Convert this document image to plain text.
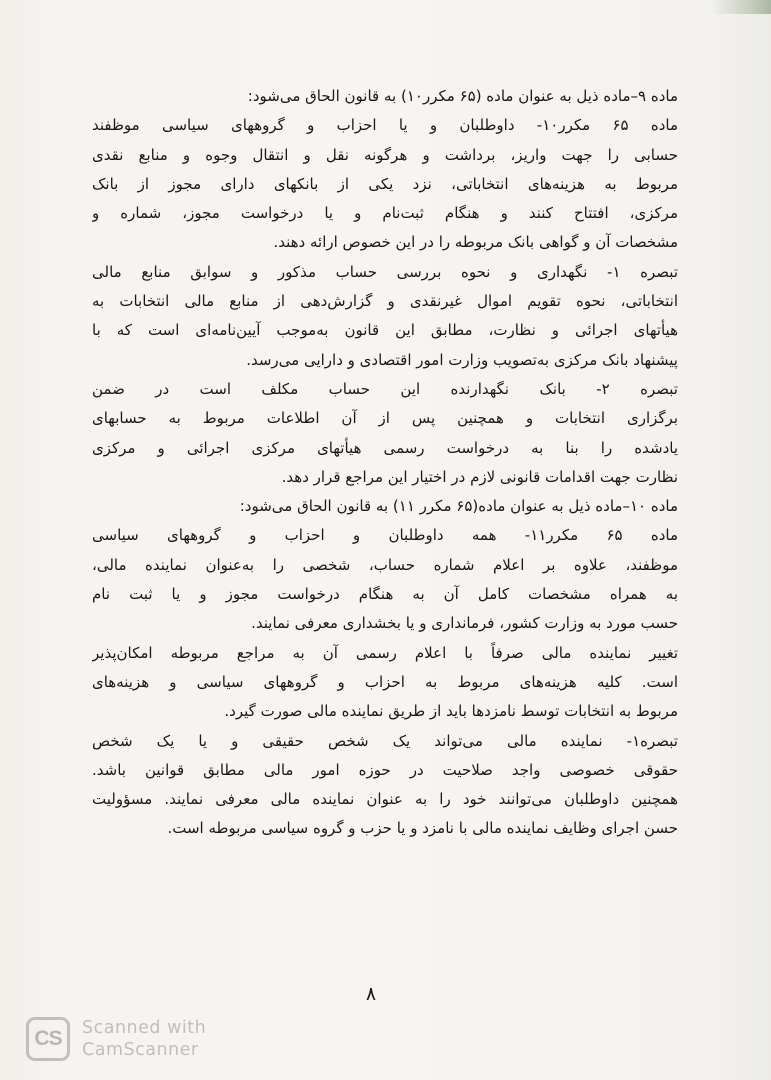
ماده ۹–ماده ذیل به عنوان ماده (۶۵ مکرر۱۰) به قانون الحاق می‌شود:
ماده ۶۵ مکرر۱۰- داوطلبان و یا احزاب و گروههای سیاسی موظفند
حسابی را جهت واریز، برداشت و هرگونه نقل و انتقال وجوه و منابع نقدی
مربوط به هزینه‌های انتخاباتی، نزد یکی از بانکهای دارای مجوز از بانک
مرکزی، افتتاح کنند و هنگام ثبت‌نام و یا درخواست مجوز، شماره و
مشخصات آن و گواهی بانک مربوطه را در این خصوص ارائه دهند.
تبصره ۱- نگهداری و نحوه بررسی حساب مذکور و سوابق منابع مالی
انتخاباتی، نحوه تقویم اموال غیرنقدی و گزارش‌دهی از منابع مالی انتخابات به
هیأتهای اجرائی و نظارت، مطابق این قانون به‌موجب آیین‌نامه‌ای است که با
پیشنهاد بانک مرکزی به‌تصویب وزارت امور اقتصادی و دارایی می‌رسد.
تبصره ۲- بانک نگهدارنده این حساب مکلف است در ضمن
برگزاری انتخابات و همچنین پس از آن اطلاعات مربوط به حسابهای
یادشده را بنا به درخواست رسمی هیأتهای مرکزی اجرائی و مرکزی
نظارت جهت اقدامات قانونی لازم در اختیار این مراجع قرار دهد.
ماده ۱۰–ماده ذیل به عنوان ماده(۶۵ مکرر ۱۱) به قانون الحاق می‌شود:
ماده ۶۵ مکرر۱۱- همه داوطلبان و احزاب و گروههای سیاسی
موظفند، علاوه بر اعلام شماره حساب، شخصی را به‌عنوان نماینده مالی،
به همراه مشخصات کامل آن به هنگام درخواست مجوز و یا ثبت نام
حسب مورد به وزارت کشور، فرمانداری و یا بخشداری معرفی نمایند.
تغییر نماینده مالی صرفاً با اعلام رسمی آن به مراجع مربوطه امکان‌پذیر
است. کلیه هزینه‌های مربوط به احزاب و گروههای سیاسی و هزینه‌های
مربوط به انتخابات توسط نامزدها باید از طریق نماینده مالی صورت گیرد.
تبصره۱- نماینده مالی می‌تواند یک شخص حقیقی و یا یک شخص
حقوقی خصوصی واجد صلاحیت در حوزه امور مالی مطابق قوانین باشد.
همچنین داوطلبان می‌توانند خود را به عنوان نماینده مالی معرفی نمایند. مسؤولیت
حسن اجرای وظایف نماینده مالی با نامزد و یا حزب و گروه سیاسی مربوطه است.
۸
CS	Scanned with
CamScanner
